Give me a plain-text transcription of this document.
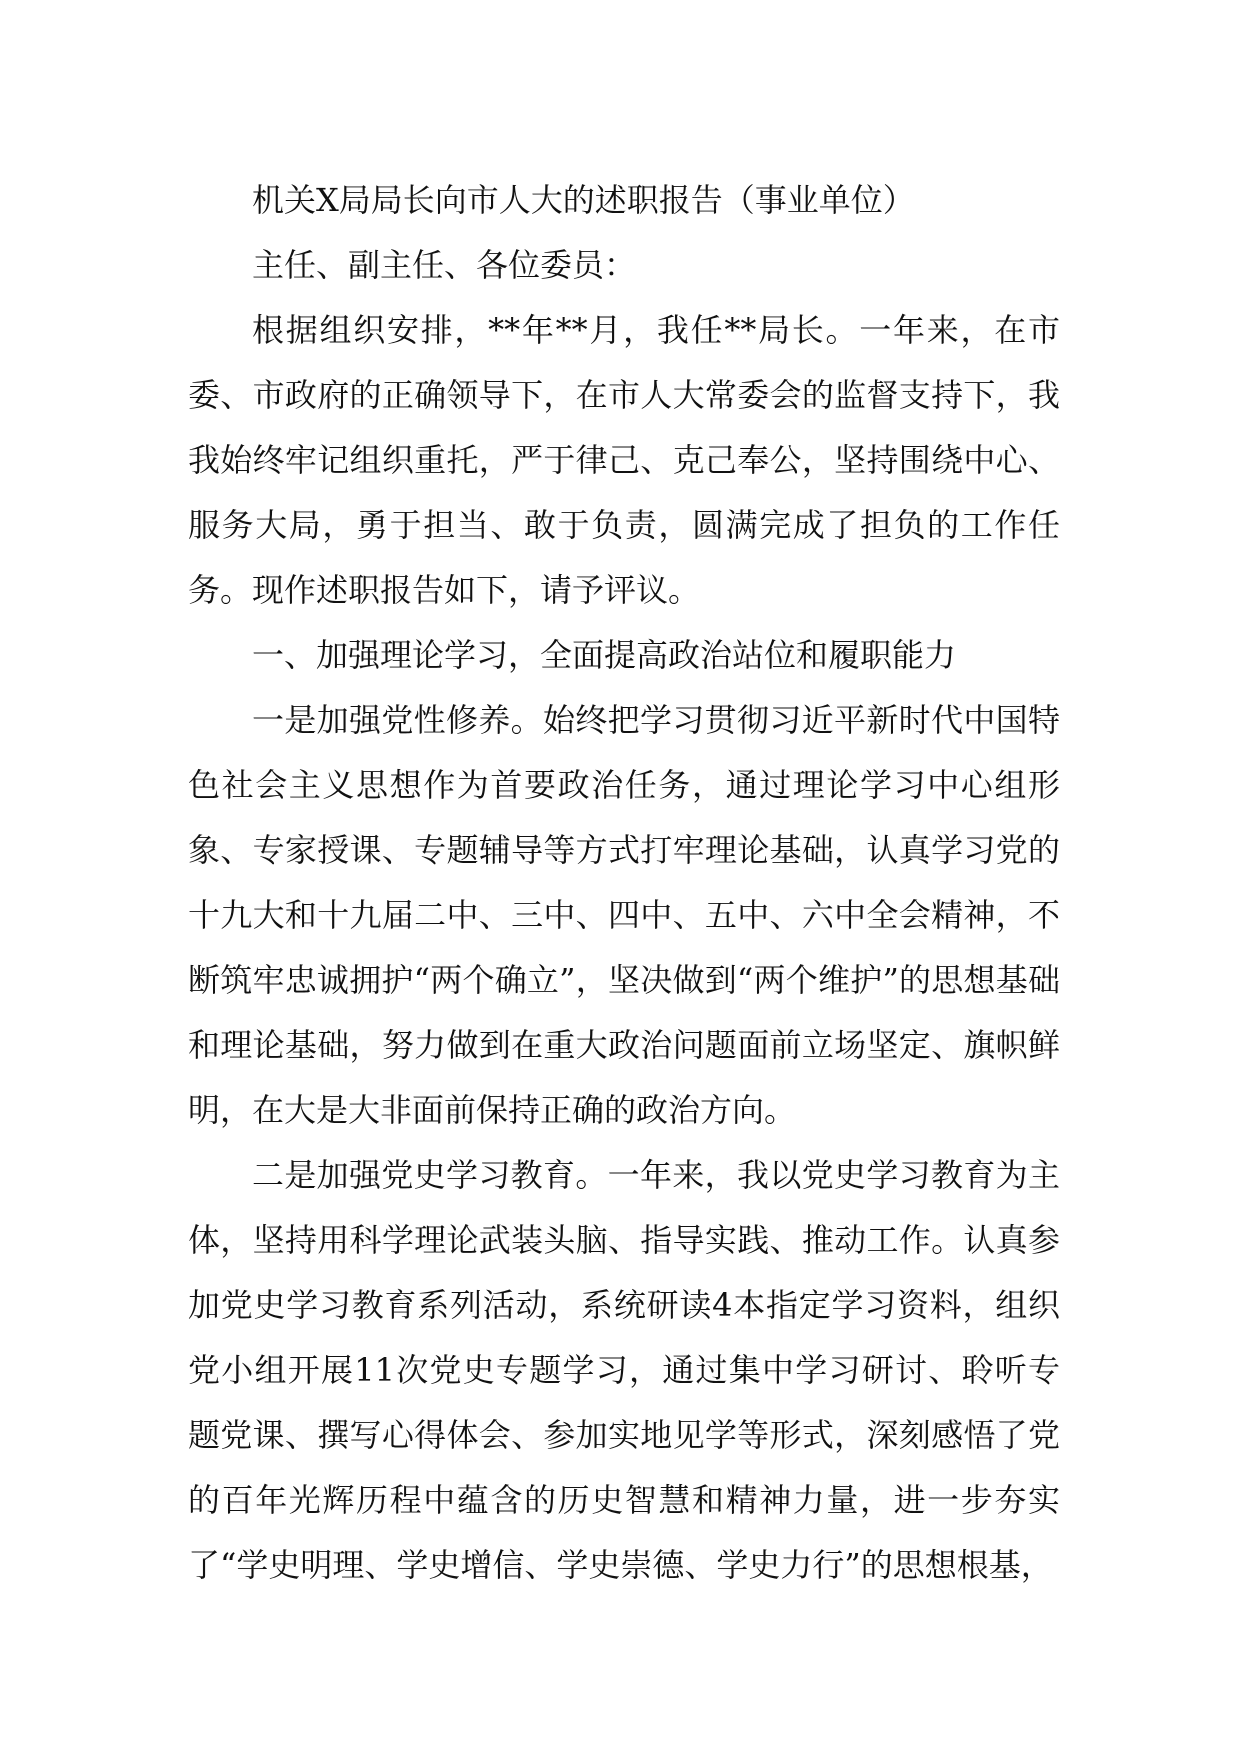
机关X局局长向市人大的述职报告（事业单位）

主任、副主任、各位委员：

根据组织安排，**年**月，我任**局长。一年来，在市委、市政府的正确领导下，在市人大常委会的监督支持下，我我始终牢记组织重托，严于律己、克己奉公，坚持围绕中心、服务大局，勇于担当、敢于负责，圆满完成了担负的工作任务。现作述职报告如下，请予评议。

一、加强理论学习，全面提高政治站位和履职能力

一是加强党性修养。始终把学习贯彻习近平新时代中国特色社会主义思想作为首要政治任务，通过理论学习中心组形象、专家授课、专题辅导等方式打牢理论基础，认真学习党的十九大和十九届二中、三中、四中、五中、六中全会精神，不断筑牢忠诚拥护“两个确立”，坚决做到“两个维护”的思想基础和理论基础，努力做到在重大政治问题面前立场坚定、旗帜鲜明，在大是大非面前保持正确的政治方向。

二是加强党史学习教育。一年来，我以党史学习教育为主体，坚持用科学理论武装头脑、指导实践、推动工作。认真参加党史学习教育系列活动，系统研读4本指定学习资料，组织党小组开展11次党史专题学习，通过集中学习研讨、聆听专题党课、撰写心得体会、参加实地见学等形式，深刻感悟了党的百年光辉历程中蕴含的历史智慧和精神力量，进一步夯实了“学史明理、学史增信、学史崇德、学史力行”的思想根基，
